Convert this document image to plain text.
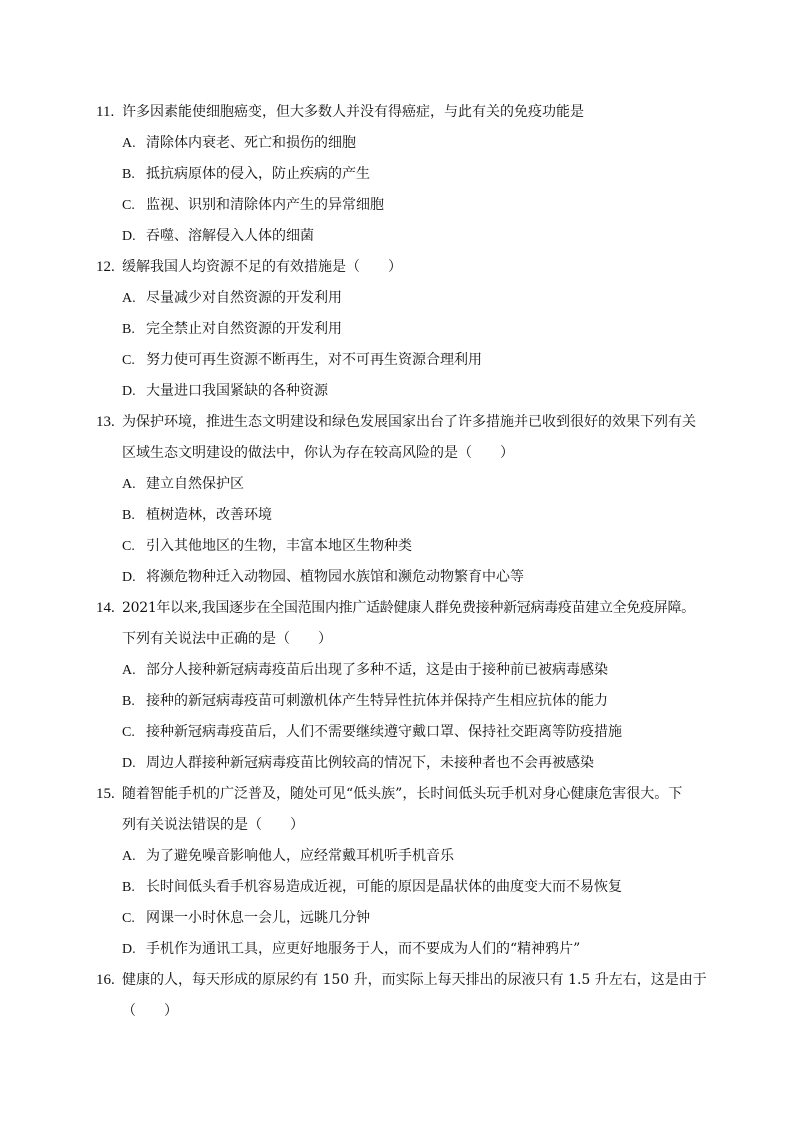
11. 许多因素能使细胞癌变，但大多数人并没有得癌症，与此有关的免疫功能是
A. 清除体内衰老、死亡和损伤的细胞
B. 抵抗病原体的侵入，防止疾病的产生
C. 监视、识别和清除体内产生的异常细胞
D. 吞噬、溶解侵入人体的细菌
12. 缓解我国人均资源不足的有效措施是（　　）
A. 尽量减少对自然资源的开发利用
B. 完全禁止对自然资源的开发利用
C. 努力使可再生资源不断再生，对不可再生资源合理利用
D. 大量进口我国紧缺的各种资源
13. 为保护环境，推进生态文明建设和绿色发展国家出台了许多措施并已收到很好的效果下列有关
区域生态文明建设的做法中，你认为存在较高风险的是（　　）
A. 建立自然保护区
B. 植树造林，改善环境
C. 引入其他地区的生物，丰富本地区生物种类
D. 将濒危物种迁入动物园、植物园水族馆和濒危动物繁育中心等
14. 2021年以来,我国逐步在全国范围内推广适龄健康人群免费接种新冠病毒疫苗建立全免疫屏障。
下列有关说法中正确的是（　　）
A. 部分人接种新冠病毒疫苗后出现了多种不适，这是由于接种前已被病毒感染
B. 接种的新冠病毒疫苗可刺激机体产生特异性抗体并保持产生相应抗体的能力
C. 接种新冠病毒疫苗后，人们不需要继续遵守戴口罩、保持社交距离等防疫措施
D. 周边人群接种新冠病毒疫苗比例较高的情况下，未接种者也不会再被感染
15. 随着智能手机的广泛普及，随处可见“低头族”，长时间低头玩手机对身心健康危害很大。下
列有关说法错误的是（　　）
A. 为了避免噪音影响他人，应经常戴耳机听手机音乐
B. 长时间低头看手机容易造成近视，可能的原因是晶状体的曲度变大而不易恢复
C. 网课一小时休息一会儿，远眺几分钟
D. 手机作为通讯工具，应更好地服务于人，而不要成为人们的“精神鸦片”
16. 健康的人，每天形成的原尿约有 150 升，而实际上每天排出的尿液只有 1.5 升左右，这是由于
（　　）
